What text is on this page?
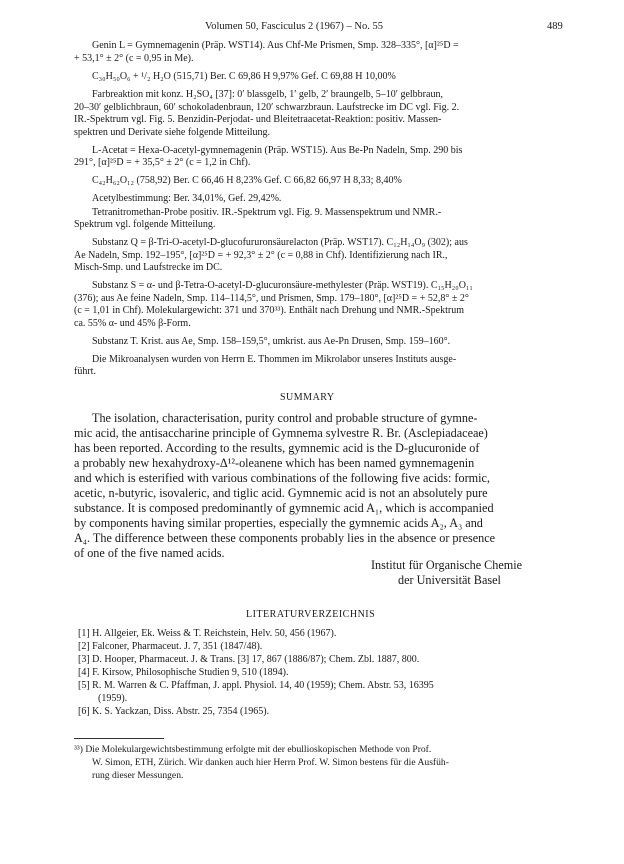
Volumen 50, Fasciculus 2 (1967) – No. 55	489
Genin L = Gymnemagenin (Präp. WST14). Aus Chf-Me Prismen, Smp. 328–335°, [α]²⁵D =
+ 53,1° ± 2° (c = 0,95 in Me).
C₃₀H₅₀O₆ + ¹/₂ H₂O (515,71) Ber. C 69,86 H 9,97% Gef. C 69,88 H 10,00%
Farbreaktion mit konz. H₂SO₄ [37]: 0′ blassgelb, 1′ gelb, 2′ braungelb, 5–10′ gelbbraun,
20–30′ gelblichbraun, 60′ schokoladenbraun, 120′ schwarzbraun. Laufstrecke im DC vgl. Fig. 2.
IR.-Spektrum vgl. Fig. 5. Benzidin-Perjodat- und Bleitetraacetat-Reaktion: positiv. Massen-
spektren und Derivate siehe folgende Mitteilung.
L-Acetat = Hexa-O-acetyl-gymnemagenin (Präp. WST15). Aus Be-Pn Nadeln, Smp. 290 bis
291°, [α]²⁵D = + 35,5° ± 2° (c = 1,2 in Chf).
C₄₂H₆₂O₁₂ (758,92) Ber. C 66,46 H 8,23% Gef. C 66,82 66,97 H 8,33; 8,40%
Acetylbestimmung: Ber. 34,01%, Gef. 29,42%.
Tetranitromethan-Probe positiv. IR.-Spektrum vgl. Fig. 9. Massenspektrum und NMR.-
Spektrum vgl. folgende Mitteilung.
Substanz Q = β-Tri-O-acetyl-D-glucofururonsäurelacton (Präp. WST17). C₁₂H₁₄O₉ (302); aus
Ae Nadeln, Smp. 192–195°, [α]²⁵D = + 92,3° ± 2° (c = 0,88 in Chf). Identifizierung nach IR.,
Misch-Smp. und Laufstrecke im DC.
Substanz S = α- und β-Tetra-O-acetyl-D-glucuronsäure-methylester (Präp. WST19). C₁₅H₂₀O₁₁
(376); aus Ae feine Nadeln, Smp. 114–114,5°, und Prismen, Smp. 179–180°, [α]²⁵D = + 52,8° ± 2°
(c = 1,01 in Chf). Molekulargewicht: 371 und 370³³). Enthält nach Drehung und NMR.-Spektrum
ca. 55% α- und 45% β-Form.
Substanz T. Krist. aus Ae, Smp. 158–159,5°, umkrist. aus Ae-Pn Drusen, Smp. 159–160°.
Die Mikroanalysen wurden von Herrn E. Thommen im Mikrolabor unseres Instituts ausge-
führt.
SUMMARY
The isolation, characterisation, purity control and probable structure of gymne-
mic acid, the antisaccharine principle of Gymnema sylvestre R. Br. (Asclepiadaceae)
has been reported. According to the results, gymnemic acid is the D-glucuronide of
a probably new hexahydroxy-Δ¹²-oleanene which has been named gymnemagenin
and which is esterified with various combinations of the following five acids: formic,
acetic, n-butyric, isovaleric, and tiglic acid. Gymnemic acid is not an absolutely pure
substance. It is composed predominantly of gymnemic acid A₁, which is accompanied
by components having similar properties, especially the gymnemic acids A₂, A₃ and
A₄. The difference between these components probably lies in the absence or presence
of one of the five named acids.
Institut für Organische Chemie
der Universität Basel
LITERATURVERZEICHNIS
[1] H. Allgeier, Ek. Weiss & T. Reichstein, Helv. 50, 456 (1967).
[2] Falconer, Pharmaceut. J. 7, 351 (1847/48).
[3] D. Hooper, Pharmaceut. J. & Trans. [3] 17, 867 (1886/87); Chem. Zbl. 1887, 800.
[4] F. Kirsow, Philosophische Studien 9, 510 (1894).
[5] R. M. Warren & C. Pfaffman, J. appl. Physiol. 14, 40 (1959); Chem. Abstr. 53, 16395
(1959).
[6] K. S. Yackzan, Diss. Abstr. 25, 7354 (1965).
³³) Die Molekulargewichtsbestimmung erfolgte mit der ebullioskopischen Methode von Prof.
W. Simon, ETH, Zürich. Wir danken auch hier Herrn Prof. W. Simon bestens für die Ausfüh-
rung dieser Messungen.
